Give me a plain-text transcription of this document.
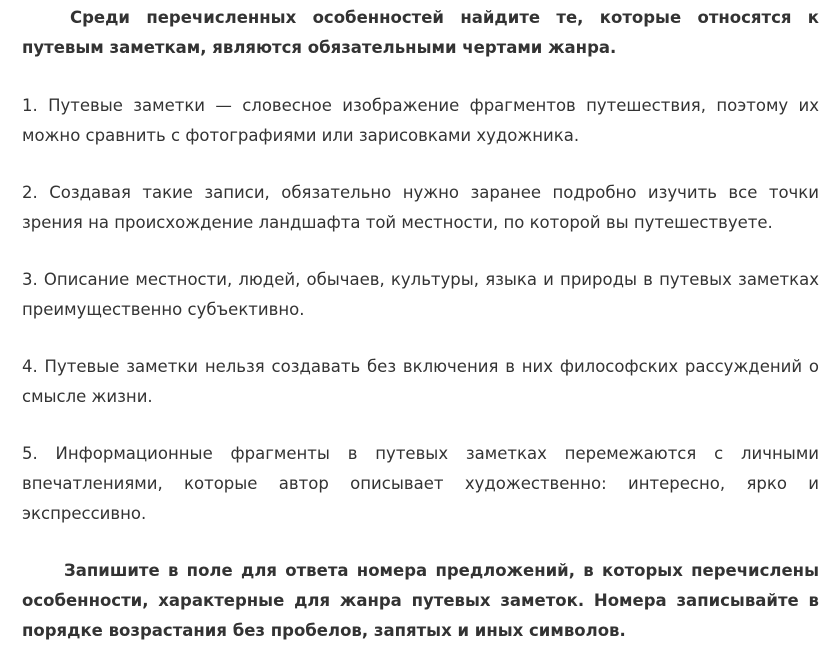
Среди перечисленных особенностей найдите те, которые относятся к путевым заметкам, являются обязательными чертами жанра.

1. Путевые заметки — словесное изображение фрагментов путешествия, поэтому их можно сравнить с фотографиями или зарисовками художника.

2. Создавая такие записи, обязательно нужно заранее подробно изучить все точки зрения на происхождение ландшафта той местности, по которой вы путешествуете.

3. Описание местности, людей, обычаев, культуры, языка и природы в путевых заметках преимущественно субъективно.

4. Путевые заметки нельзя создавать без включения в них философских рассуждений о смысле жизни.

5. Информационные фрагменты в путевых заметках перемежаются с личными впечатлениями, которые автор описывает художественно: интересно, ярко и экспрессивно.

Запишите в поле для ответа номера предложений, в которых перечислены особенности, характерные для жанра путевых заметок. Номера записывайте в порядке возрастания без пробелов, запятых и иных символов.
